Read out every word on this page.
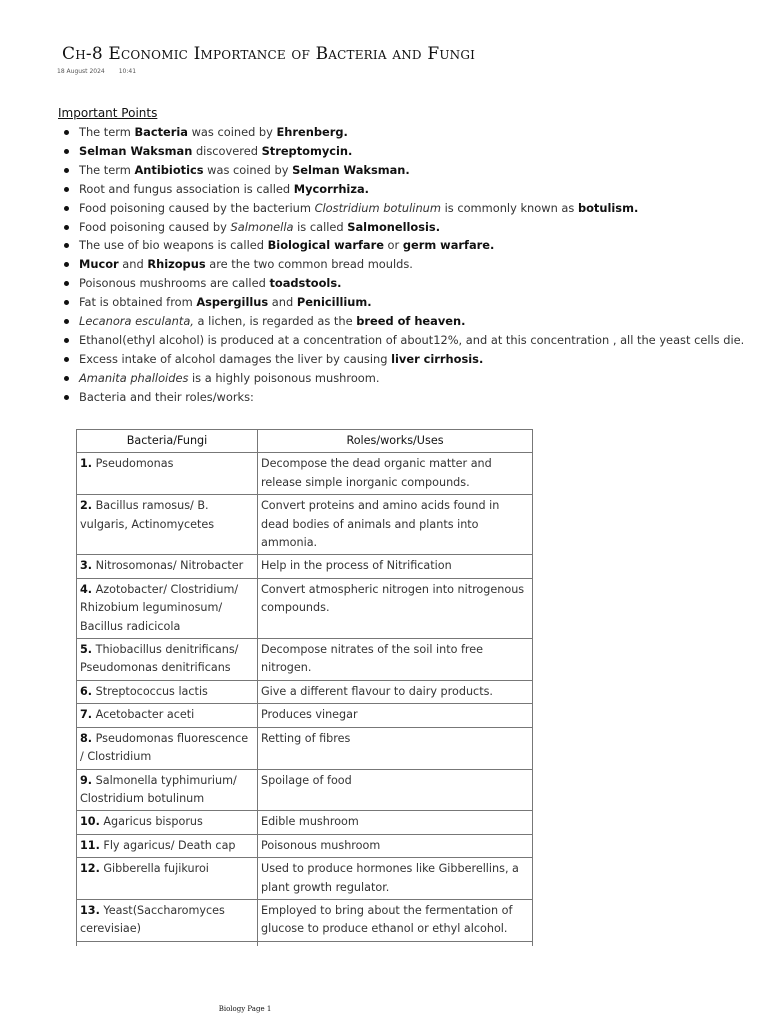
Ch-8 Economic Importance of Bacteria and Fungi
18 August 2024 10:41
Important Points
The term Bacteria was coined by Ehrenberg.
Selman Waksman discovered Streptomycin.
The term Antibiotics was coined by Selman Waksman.
Root and fungus association is called Mycorrhiza.
Food poisoning caused by the bacterium Clostridium botulinum is commonly known as botulism.
Food poisoning caused by Salmonella is called Salmonellosis.
The use of bio weapons is called Biological warfare or germ warfare.
Mucor and Rhizopus are the two common bread moulds.
Poisonous mushrooms are called toadstools.
Fat is obtained from Aspergillus and Penicillium.
Lecanora esculanta, a lichen, is regarded as the breed of heaven.
Ethanol(ethyl alcohol) is produced at a concentration of about12%, and at this concentration , all the yeast cells die.
Excess intake of alcohol damages the liver by causing liver cirrhosis.
Amanita phalloides is a highly poisonous mushroom.
Bacteria and their roles/works:
Bacteria/Fungi	Roles/works/Uses
1. Pseudomonas	Decompose the dead organic matter and release simple inorganic compounds.
2. Bacillus ramosus/ B. vulgaris, Actinomycetes	Convert proteins and amino acids found in dead bodies of animals and plants into ammonia.
3. Nitrosomonas/ Nitrobacter	Help in the process of Nitrification
4. Azotobacter/ Clostridium/ Rhizobium leguminosum/ Bacillus radicicola	Convert atmospheric nitrogen into nitrogenous compounds.
5. Thiobacillus denitrificans/ Pseudomonas denitrificans	Decompose nitrates of the soil into free nitrogen.
6. Streptococcus lactis	Give a different flavour to dairy products.
7. Acetobacter aceti	Produces vinegar
8. Pseudomonas fluorescence / Clostridium	Retting of fibres
9. Salmonella typhimurium/ Clostridium botulinum	Spoilage of food
10. Agaricus bisporus	Edible mushroom
11. Fly agaricus/ Death cap	Poisonous mushroom
12. Gibberella fujikuroi	Used to produce hormones like Gibberellins, a plant growth regulator.
13. Yeast(Saccharomyces cerevisiae)	Employed to bring about the fermentation of glucose to produce ethanol or ethyl alcohol.

Biology Page 1
